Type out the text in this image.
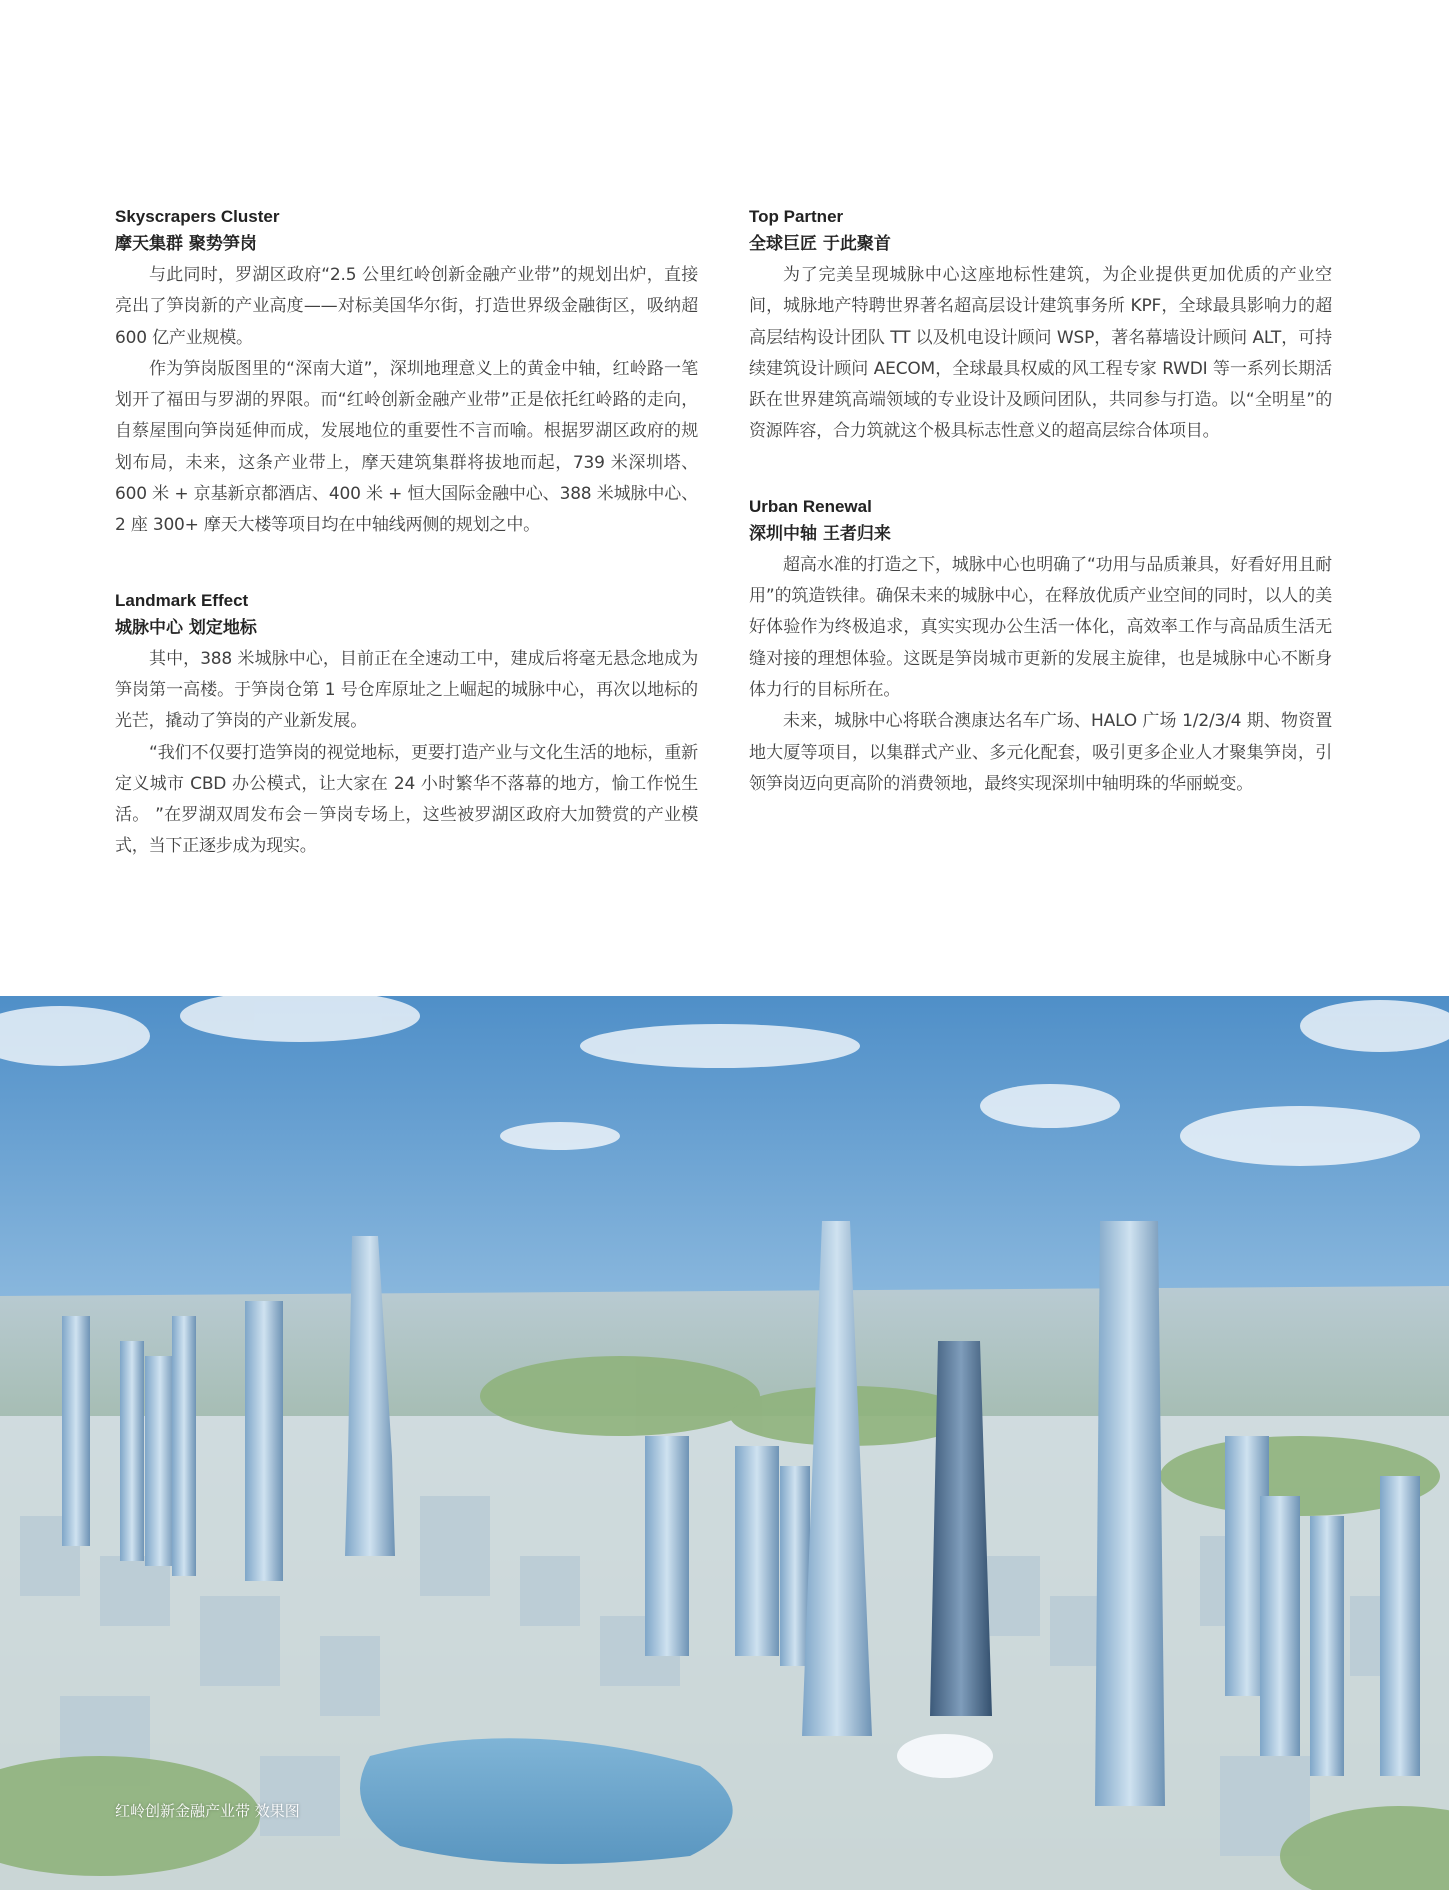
Skyscrapers Cluster

摩天集群 聚势笋岗

与此同时，罗湖区政府“2.5 公里红岭创新金融产业带”的规划出炉，直接亮出了笋岗新的产业高度——对标美国华尔街，打造世界级金融街区，吸纳超 600 亿产业规模。

作为笋岗版图里的“深南大道”，深圳地理意义上的黄金中轴，红岭路一笔划开了福田与罗湖的界限。而“红岭创新金融产业带”正是依托红岭路的走向，自蔡屋围向笋岗延伸而成，发展地位的重要性不言而喻。根据罗湖区政府的规划布局，未来，这条产业带上，摩天建筑集群将拔地而起，739 米深圳塔、600 米 + 京基新京都酒店、400 米 + 恒大国际金融中心、388 米城脉中心、2 座 300+ 摩天大楼等项目均在中轴线两侧的规划之中。

Landmark Effect

城脉中心 划定地标

其中，388 米城脉中心，目前正在全速动工中，建成后将毫无悬念地成为笋岗第一高楼。于笋岗仓第 1 号仓库原址之上崛起的城脉中心，再次以地标的光芒，撬动了笋岗的产业新发展。

“我们不仅要打造笋岗的视觉地标，更要打造产业与文化生活的地标，重新定义城市 CBD 办公模式，让大家在 24 小时繁华不落幕的地方，愉工作悦生活。 ”在罗湖双周发布会－笋岗专场上，这些被罗湖区政府大加赞赏的产业模式，当下正逐步成为现实。

Top Partner

全球巨匠 于此聚首

为了完美呈现城脉中心这座地标性建筑，为企业提供更加优质的产业空间，城脉地产特聘世界著名超高层设计建筑事务所 KPF，全球最具影响力的超高层结构设计团队 TT 以及机电设计顾问 WSP，著名幕墙设计顾问 ALT，可持续建筑设计顾问 AECOM，全球最具权威的风工程专家 RWDI 等一系列长期活跃在世界建筑高端领域的专业设计及顾问团队，共同参与打造。以“全明星”的资源阵容，合力筑就这个极具标志性意义的超高层综合体项目。

Urban Renewal

深圳中轴 王者归来

超高水准的打造之下，城脉中心也明确了“功用与品质兼具，好看好用且耐用”的筑造铁律。确保未来的城脉中心，在释放优质产业空间的同时，以人的美好体验作为终极追求，真实实现办公生活一体化，高效率工作与高品质生活无缝对接的理想体验。这既是笋岗城市更新的发展主旋律，也是城脉中心不断身体力行的目标所在。

未来，城脉中心将联合澳康达名车广场、HALO 广场 1/2/3/4 期、物资置地大厦等项目，以集群式产业、多元化配套，吸引更多企业人才聚集笋岗，引领笋岗迈向更高阶的消费领地，最终实现深圳中轴明珠的华丽蜕变。

红岭创新金融产业带 效果图
